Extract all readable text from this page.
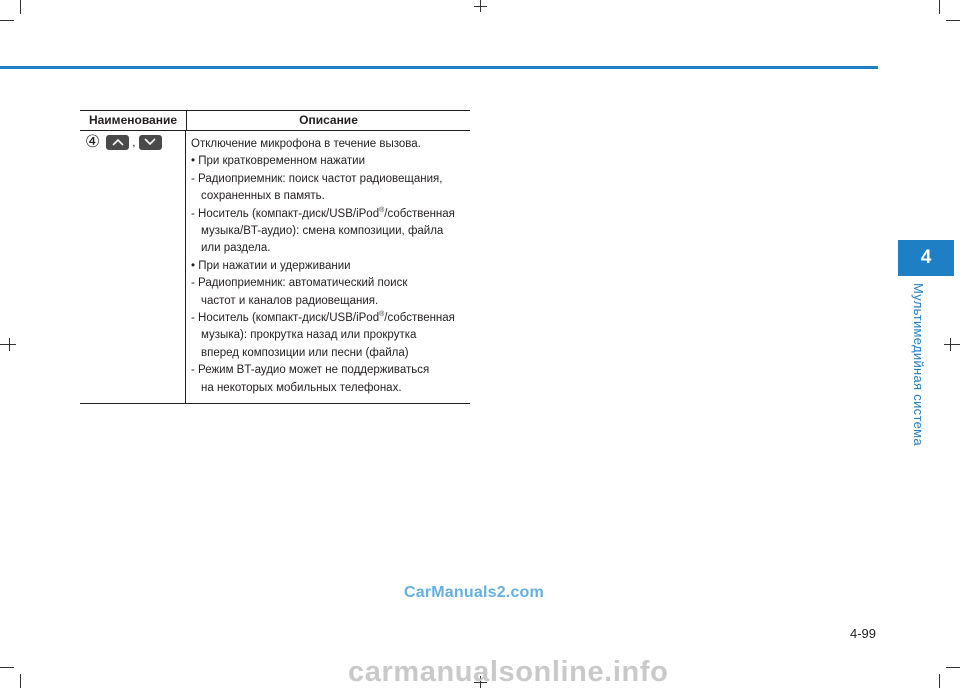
Наименование	Описание
④	,	Отключение микрофона в течение вызова.
• При кратковременном нажатии
- Радиоприемник: поиск частот радиовещания,
сохраненных в память.
- Носитель (компакт-диск/USB/iPod®/собственная
музыка/BT-аудио): смена композиции, файла
или раздела.
• При нажатии и удерживании
- Радиоприемник: автоматический поиск
частот и каналов радиовещания.
- Носитель (компакт-диск/USB/iPod®/собственная
музыка): прокрутка назад или прокрутка
вперед композиции или песни (файла)
- Режим BT-аудио может не поддерживаться
на некоторых мобильных телефонах.
4
Мультимедийная система
4-99
CarManuals2.com
carmanualsonline.info
